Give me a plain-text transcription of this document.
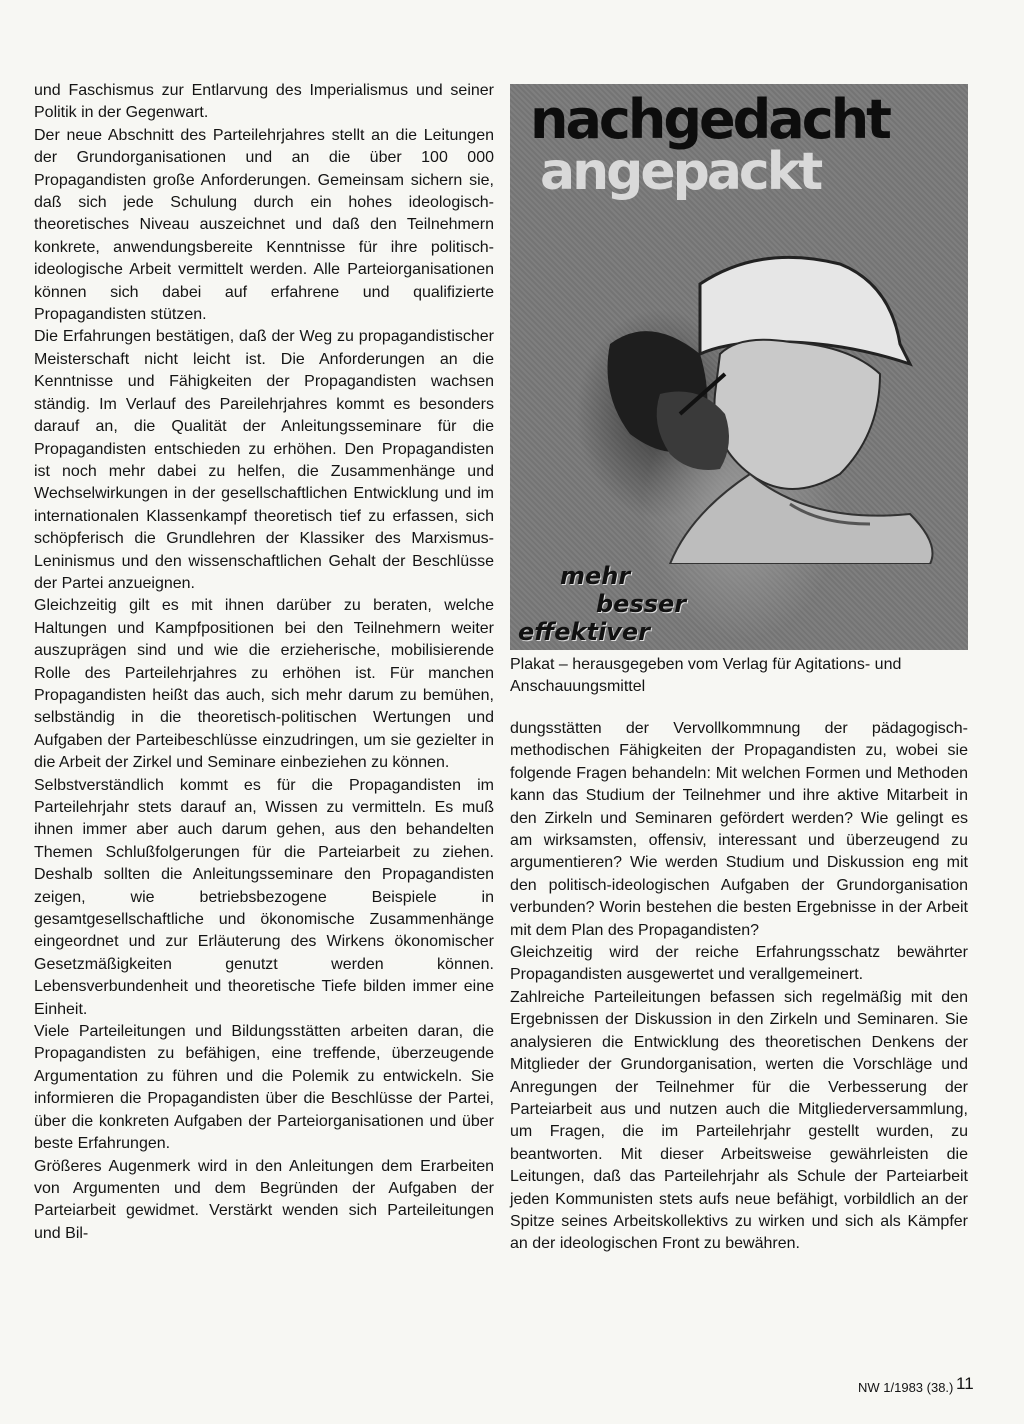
und Faschismus zur Entlarvung des Imperialismus und seiner Politik in der Gegenwart.

Der neue Abschnitt des Parteilehrjahres stellt an die Leitungen der Grundorganisationen und an die über 100 000 Propagandisten große Anforderungen. Gemeinsam sichern sie, daß sich jede Schulung durch ein hohes ideologisch-theoretisches Niveau auszeichnet und daß den Teilnehmern konkrete, anwendungsbereite Kenntnisse für ihre politisch-ideologische Arbeit vermittelt werden. Alle Parteiorganisationen können sich dabei auf erfahrene und qualifizierte Propagandisten stützen.

Die Erfahrungen bestätigen, daß der Weg zu propagandistischer Meisterschaft nicht leicht ist. Die Anforderungen an die Kenntnisse und Fähigkeiten der Propagandisten wachsen ständig. Im Verlauf des Pareilehrjahres kommt es besonders darauf an, die Qualität der Anleitungsseminare für die Propagandisten entschieden zu erhöhen. Den Propagandisten ist noch mehr dabei zu helfen, die Zusammenhänge und Wechselwirkungen in der gesellschaftlichen Entwicklung und im internationalen Klassenkampf theoretisch tief zu erfassen, sich schöpferisch die Grundlehren der Klassiker des Marxismus-Leninismus und den wissenschaftlichen Gehalt der Beschlüsse der Partei anzueignen.

Gleichzeitig gilt es mit ihnen darüber zu beraten, welche Haltungen und Kampfpositionen bei den Teilnehmern weiter auszuprägen sind und wie die erzieherische, mobilisierende Rolle des Parteilehrjahres zu erhöhen ist. Für manchen Propagandisten heißt das auch, sich mehr darum zu bemühen, selbständig in die theoretisch-politischen Wertungen und Aufgaben der Parteibeschlüsse einzudringen, um sie gezielter in die Arbeit der Zirkel und Seminare einbeziehen zu können.

Selbstverständlich kommt es für die Propagandisten im Parteilehrjahr stets darauf an, Wissen zu vermitteln. Es muß ihnen immer aber auch darum gehen, aus den behandelten Themen Schlußfolgerungen für die Parteiarbeit zu ziehen. Deshalb sollten die Anleitungsseminare den Propagandisten zeigen, wie betriebsbezogene Beispiele in gesamtgesellschaftliche und ökonomische Zusammenhänge eingeordnet und zur Erläuterung des Wirkens ökonomischer Gesetzmäßigkeiten genutzt werden können. Lebensverbundenheit und theoretische Tiefe bilden immer eine Einheit.

Viele Parteileitungen und Bildungsstätten arbeiten daran, die Propagandisten zu befähigen, eine treffende, überzeugende Argumentation zu führen und die Polemik zu entwickeln. Sie informieren die Propagandisten über die Beschlüsse der Partei, über die konkreten Aufgaben der Parteiorganisationen und über beste Erfahrungen.

Größeres Augenmerk wird in den Anleitungen dem Erarbeiten von Argumenten und dem Begründen der Aufgaben der Parteiarbeit gewidmet. Verstärkt wenden sich Parteileitungen und Bil-

nachgedacht
angepackt
mehr
besser
effektiver

Plakat – herausgegeben vom Verlag für Agitations- und Anschauungsmittel

dungsstätten der Vervollkommnung der pädagogisch-methodischen Fähigkeiten der Propagandisten zu, wobei sie folgende Fragen behandeln: Mit welchen Formen und Methoden kann das Studium der Teilnehmer und ihre aktive Mitarbeit in den Zirkeln und Seminaren gefördert werden? Wie gelingt es am wirksamsten, offensiv, interessant und überzeugend zu argumentieren? Wie werden Studium und Diskussion eng mit den politisch-ideologischen Aufgaben der Grundorganisation verbunden? Worin bestehen die besten Ergebnisse in der Arbeit mit dem Plan des Propagandisten?

Gleichzeitig wird der reiche Erfahrungsschatz bewährter Propagandisten ausgewertet und verallgemeinert.

Zahlreiche Parteileitungen befassen sich regelmäßig mit den Ergebnissen der Diskussion in den Zirkeln und Seminaren. Sie analysieren die Entwicklung des theoretischen Denkens der Mitglieder der Grundorganisation, werten die Vorschläge und Anregungen der Teilnehmer für die Verbesserung der Parteiarbeit aus und nutzen auch die Mitgliederversammlung, um Fragen, die im Parteilehrjahr gestellt wurden, zu beantworten. Mit dieser Arbeitsweise gewährleisten die Leitungen, daß das Parteilehrjahr als Schule der Parteiarbeit jeden Kommunisten stets aufs neue befähigt, vorbildlich an der Spitze seines Arbeitskollektivs zu wirken und sich als Kämpfer an der ideologischen Front zu bewähren.

NW 1/1983 (38.) 11
